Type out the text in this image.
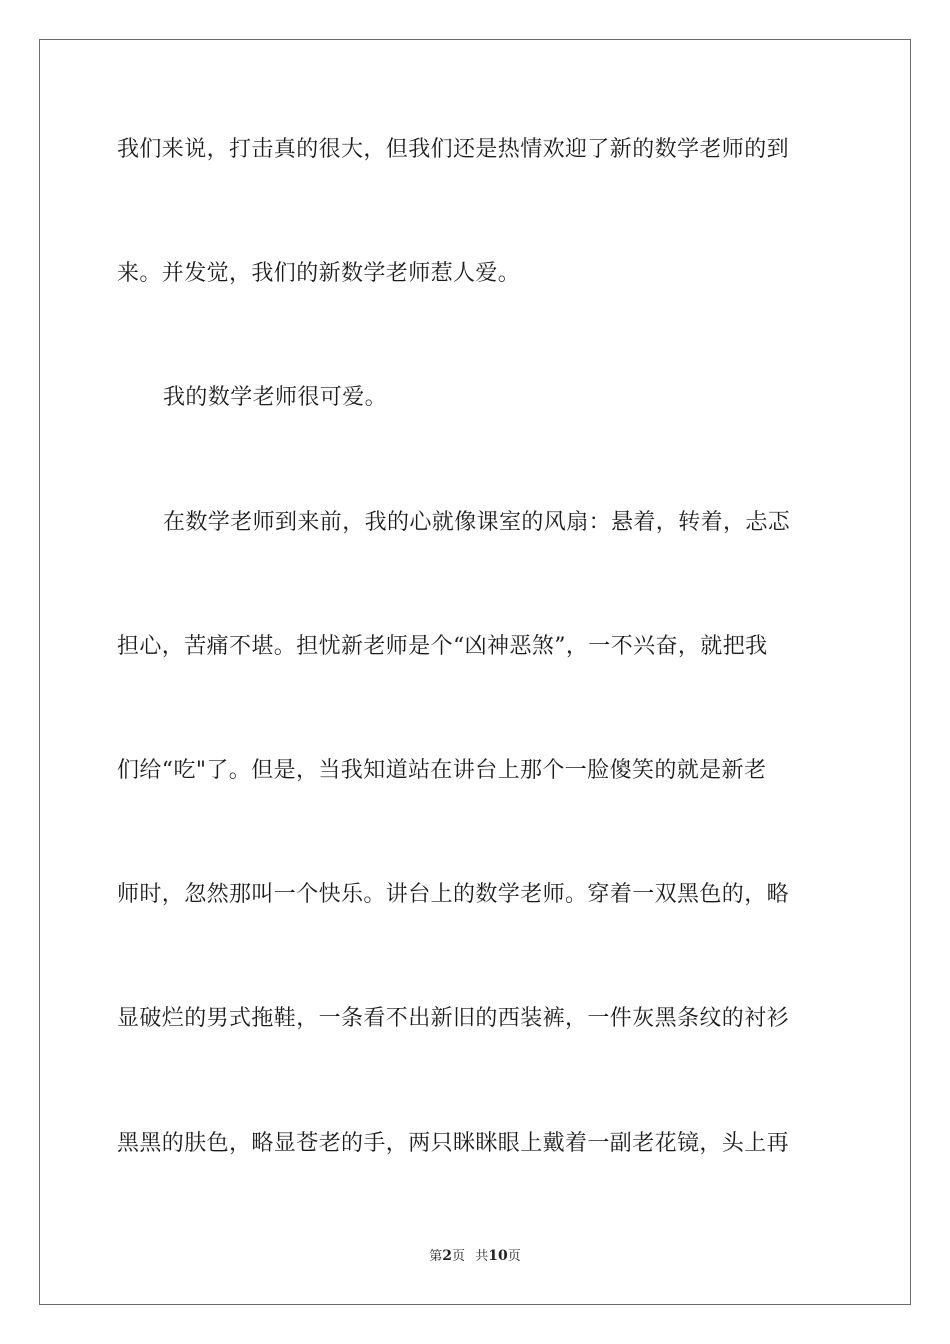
我们来说，打击真的很大，但我们还是热情欢迎了新的数学老师的到
来。并发觉，我们的新数学老师惹人爱。
我的数学老师很可爱。
在数学老师到来前，我的心就像课室的风扇：悬着，转着，忐忑
担心，苦痛不堪。担忧新老师是个“凶神恶煞”，一不兴奋，就把我
们给“吃"了。但是，当我知道站在讲台上那个一脸傻笑的就是新老
师时，忽然那叫一个快乐。讲台上的数学老师。穿着一双黑色的，略
显破烂的男式拖鞋，一条看不出新旧的西装裤，一件灰黑条纹的衬衫
黑黑的肤色，略显苍老的手，两只眯眯眼上戴着一副老花镜，头上再
第2页 共10页
